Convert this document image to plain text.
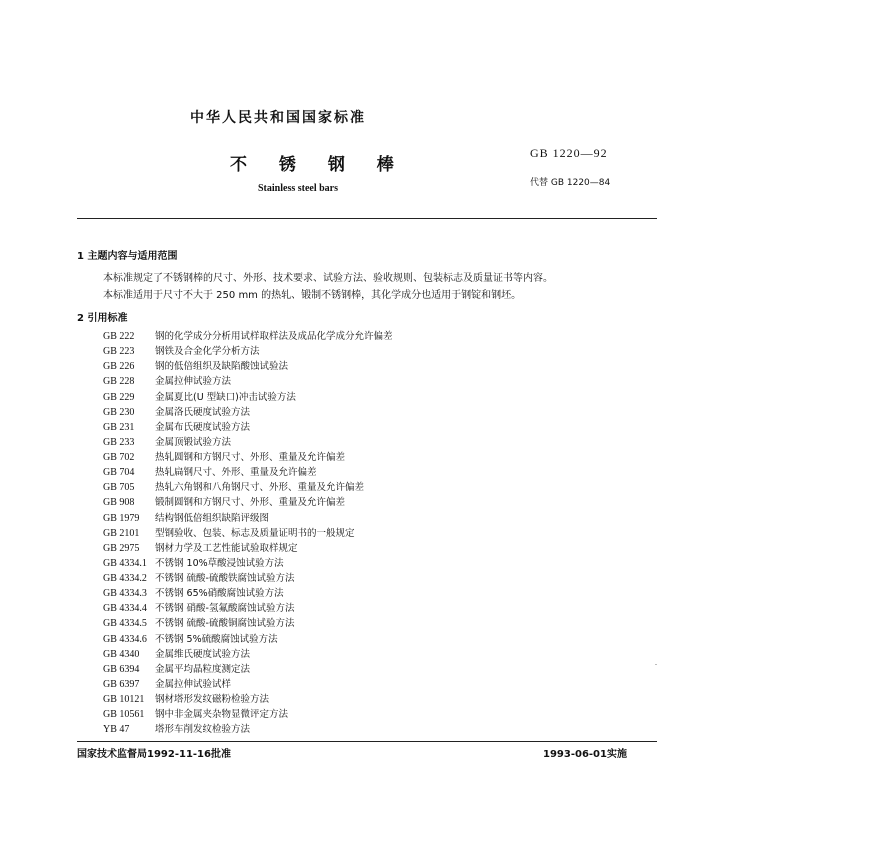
中华人民共和国国家标准
不 锈 钢 棒
Stainless steel bars
GB 1220—92
代替 GB 1220—84
1 主题内容与适用范围
本标准规定了不锈钢棒的尺寸、外形、技术要求、试验方法、验收规则、包装标志及质量证书等内容。
本标准适用于尺寸不大于 250 mm 的热轧、锻制不锈钢棒，其化学成分也适用于钢锭和钢坯。
2 引用标准
GB 222 钢的化学成分分析用试样取样法及成品化学成分允许偏差
GB 223 钢铁及合金化学分析方法
GB 226 钢的低倍组织及缺陷酸蚀试验法
GB 228 金属拉伸试验方法
GB 229 金属夏比(U 型缺口)冲击试验方法
GB 230 金属洛氏硬度试验方法
GB 231 金属布氏硬度试验方法
GB 233 金属顶锻试验方法
GB 702 热轧圆钢和方钢尺寸、外形、重量及允许偏差
GB 704 热轧扁钢尺寸、外形、重量及允许偏差
GB 705 热轧六角钢和八角钢尺寸、外形、重量及允许偏差
GB 908 锻制圆钢和方钢尺寸、外形、重量及允许偏差
GB 1979 结构钢低倍组织缺陷评级图
GB 2101 型钢验收、包装、标志及质量证明书的一般规定
GB 2975 钢材力学及工艺性能试验取样规定
GB 4334.1 不锈钢 10%草酸浸蚀试验方法
GB 4334.2 不锈钢 硫酸-硫酸铁腐蚀试验方法
GB 4334.3 不锈钢 65%硝酸腐蚀试验方法
GB 4334.4 不锈钢 硝酸-氢氟酸腐蚀试验方法
GB 4334.5 不锈钢 硫酸-硫酸铜腐蚀试验方法
GB 4334.6 不锈钢 5%硫酸腐蚀试验方法
GB 4340 金属维氏硬度试验方法
GB 6394 金属平均晶粒度测定法
GB 6397 金属拉伸试验试样
GB 10121 钢材塔形发纹磁粉检验方法
GB 10561 钢中非金属夹杂物显微评定方法
YB 47	塔形车削发纹检验方法
国家技术监督局1992-11-16批准	1993-06-01实施
